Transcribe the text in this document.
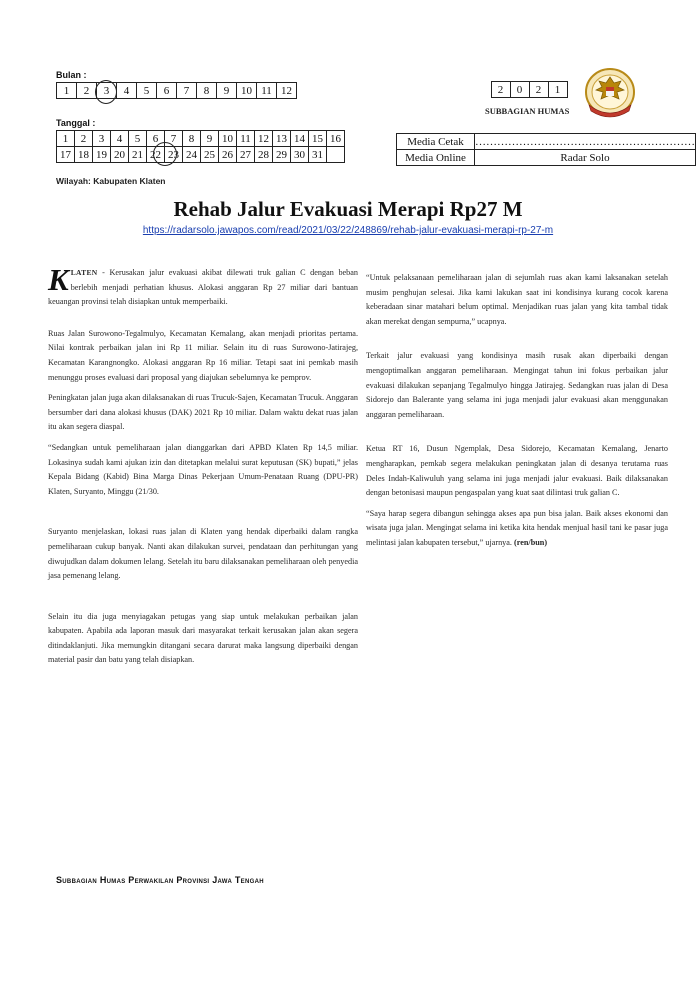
Bulan :
1	2	3	4	5	6	7	8	9	10	11	12
Tanggal :
1	2	3	4	5	6	7	8	9	10	11	12	13	14	15	16
17	18	19	20	21	22	23	24	25	26	27	28	29	30	31	
2	0	2	1
SUBBAGIAN HUMAS
Media Cetak	……………………………………………………
Media Online	Radar Solo
Wilayah: Kabupaten Klaten
Rehab Jalur Evakuasi Merapi Rp27 M
https://radarsolo.jawapos.com/read/2021/03/22/248869/rehab-jalur-evakuasi-merapi-rp-27-m

KLATEN - Kerusakan jalur evakuasi akibat dilewati truk galian C dengan beban berlebih menjadi perhatian khusus. Alokasi anggaran Rp 27 miliar dari bantuan keuangan provinsi telah disiapkan untuk memperbaiki.

Ruas Jalan Surowono-Tegalmulyo, Kecamatan Kemalang, akan menjadi prioritas pertama. Nilai kontrak perbaikan jalan ini Rp 11 miliar. Selain itu di ruas Surowono-Jatirajeg, Kecamatan Karangnongko. Alokasi anggaran Rp 16 miliar. Tetapi saat ini pemkab masih menunggu proses evaluasi dari proposal yang diajukan sebelumnya ke pemprov.

Peningkatan jalan juga akan dilaksanakan di ruas Trucuk-Sajen, Kecamatan Trucuk. Anggaran bersumber dari dana alokasi khusus (DAK) 2021 Rp 10 miliar. Dalam waktu dekat ruas jalan itu akan segera diaspal.

“Sedangkan untuk pemeliharaan jalan dianggarkan dari APBD Klaten Rp 14,5 miliar. Lokasinya sudah kami ajukan izin dan ditetapkan melalui surat keputusan (SK) bupati,” jelas Kepala Bidang (Kabid) Bina Marga Dinas Pekerjaan Umum-Penataan Ruang (DPU-PR) Klaten, Suryanto, Minggu (21/30.

Suryanto menjelaskan, lokasi ruas jalan di Klaten yang hendak diperbaiki dalam rangka pemeliharaan cukup banyak. Nanti akan dilakukan survei, pendataan dan perhitungan yang diwujudkan dalam dokumen lelang. Setelah itu baru dilaksanakan pemeliharaan oleh penyedia jasa pemenang lelang.

Selain itu dia juga menyiagakan petugas yang siap untuk melakukan perbaikan jalan kabupaten. Apabila ada laporan masuk dari masyarakat terkait kerusakan jalan akan segera ditindaklanjuti. Jika memungkin ditangani secara darurat maka langsung diperbaiki dengan material pasir dan batu yang telah disiapkan.

“Untuk pelaksanaan pemeliharaan jalan di sejumlah ruas akan kami laksanakan setelah musim penghujan selesai. Jika kami lakukan saat ini kondisinya kurang cocok karena keberadaan sinar matahari belum optimal. Menjadikan ruas jalan yang kita tambal tidak akan merekat dengan sempurna,” ucapnya.

Terkait jalur evakuasi yang kondisinya masih rusak akan diperbaiki dengan mengoptimalkan anggaran pemeliharaan. Mengingat tahun ini fokus perbaikan jalur evakuasi dilakukan sepanjang Tegalmulyo hingga Jatirajeg. Sedangkan ruas jalan di Desa Sidorejo dan Balerante yang selama ini juga menjadi jalur evakuasi akan menggunakan anggaran pemeliharaan.

Ketua RT 16, Dusun Ngemplak, Desa Sidorejo, Kecamatan Kemalang, Jenarto mengharapkan, pemkab segera melakukan peningkatan jalan di desanya terutama ruas Deles Indah-Kaliwuluh yang selama ini juga menjadi jalur evakuasi. Baik dilaksanakan dengan betonisasi maupun pengaspalan yang kuat saat dilintasi truk galian C.

“Saya harap segera dibangun sehingga akses apa pun bisa jalan. Baik akses ekonomi dan wisata juga jalan. Mengingat selama ini ketika kita hendak menjual hasil tani ke pasar juga melintasi jalan kabupaten tersebut,” ujarnya. (ren/bun)

Subbagian Humas Perwakilan Provinsi Jawa Tengah
